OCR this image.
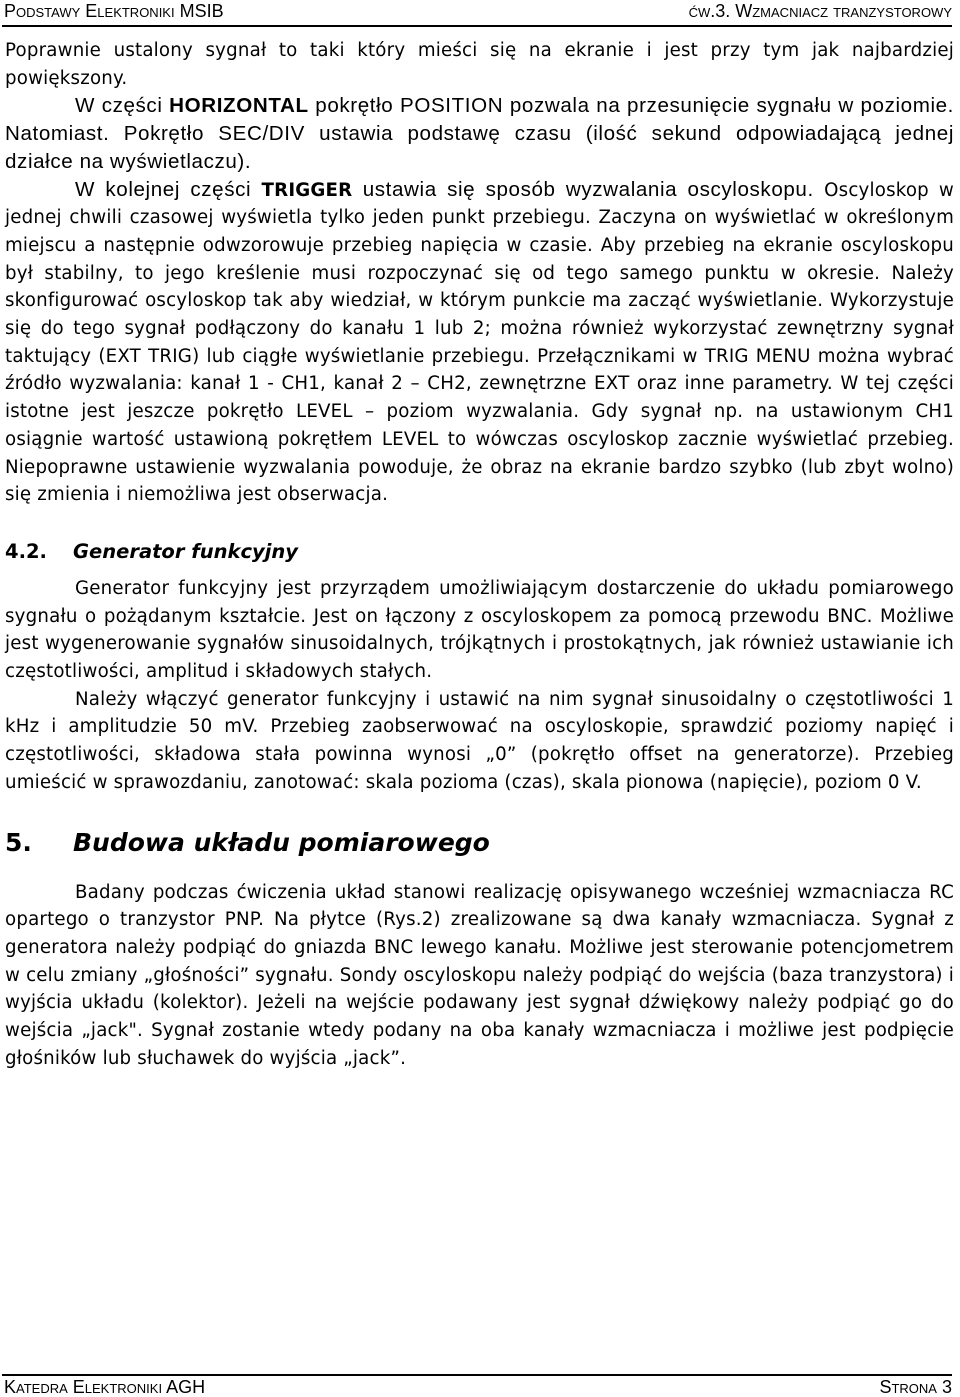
Podstawy Elektroniki MSIB	ćw.3. Wzmacniacz tranzystorowy

Poprawnie ustalony sygnał to taki który mieści się na ekranie i jest przy tym jak najbardziej powiększony.

W części HORIZONTAL pokrętło POSITION pozwala na przesunięcie sygnału w poziomie. Natomiast. Pokrętło SEC/DIV ustawia podstawę czasu (ilość sekund odpowiadającą jednej działce na wyświetlaczu).

W kolejnej części TRIGGER ustawia się sposób wyzwalania oscyloskopu. Oscyloskop w jednej chwili czasowej wyświetla tylko jeden punkt przebiegu. Zaczyna on wyświetlać w określonym miejscu a następnie odwzorowuje przebieg napięcia w czasie. Aby przebieg na ekranie oscyloskopu był stabilny, to jego kreślenie musi rozpoczynać się od tego samego punktu w okresie. Należy skonfigurować oscyloskop tak aby wiedział, w którym punkcie ma zacząć wyświetlanie. Wykorzystuje się do tego sygnał podłączony do kanału 1 lub 2; można również wykorzystać zewnętrzny sygnał taktujący (EXT TRIG) lub ciągłe wyświetlanie przebiegu. Przełącznikami w TRIG MENU można wybrać źródło wyzwalania: kanał 1 - CH1, kanał 2 – CH2, zewnętrzne EXT oraz inne parametry. W tej części istotne jest jeszcze pokrętło LEVEL – poziom wyzwalania. Gdy sygnał np. na ustawionym CH1 osiągnie wartość ustawioną pokrętłem LEVEL to wówczas oscyloskop zacznie wyświetlać przebieg. Niepoprawne ustawienie wyzwalania powoduje, że obraz na ekranie bardzo szybko (lub zbyt wolno) się zmienia i niemożliwa jest obserwacja.

4.2. Generator funkcyjny

Generator funkcyjny jest przyrządem umożliwiającym dostarczenie do układu pomiarowego sygnału o pożądanym kształcie. Jest on łączony z oscyloskopem za pomocą przewodu BNC. Możliwe jest wygenerowanie sygnałów sinusoidalnych, trójkątnych i prostokątnych, jak również ustawianie ich częstotliwości, amplitud i składowych stałych.

Należy włączyć generator funkcyjny i ustawić na nim sygnał sinusoidalny o częstotliwości 1 kHz i amplitudzie 50 mV. Przebieg zaobserwować na oscyloskopie, sprawdzić poziomy napięć i częstotliwości, składowa stała powinna wynosi „0” (pokrętło offset na generatorze). Przebieg umieścić w sprawozdaniu, zanotować: skala pozioma (czas), skala pionowa (napięcie), poziom 0 V.

5. Budowa układu pomiarowego

Badany podczas ćwiczenia układ stanowi realizację opisywanego wcześniej wzmacniacza RC opartego o tranzystor PNP. Na płytce (Rys.2) zrealizowane są dwa kanały wzmacniacza. Sygnał z generatora należy podpiąć do gniazda BNC lewego kanału. Możliwe jest sterowanie potencjometrem w celu zmiany „głośności” sygnału. Sondy oscyloskopu należy podpiąć do wejścia (baza tranzystora) i wyjścia układu (kolektor). Jeżeli na wejście podawany jest sygnał dźwiękowy należy podpiąć go do wejścia „jack". Sygnał zostanie wtedy podany na oba kanały wzmacniacza i możliwe jest podpięcie głośników lub słuchawek do wyjścia „jack”.

Katedra Elektroniki AGH	Strona 3
